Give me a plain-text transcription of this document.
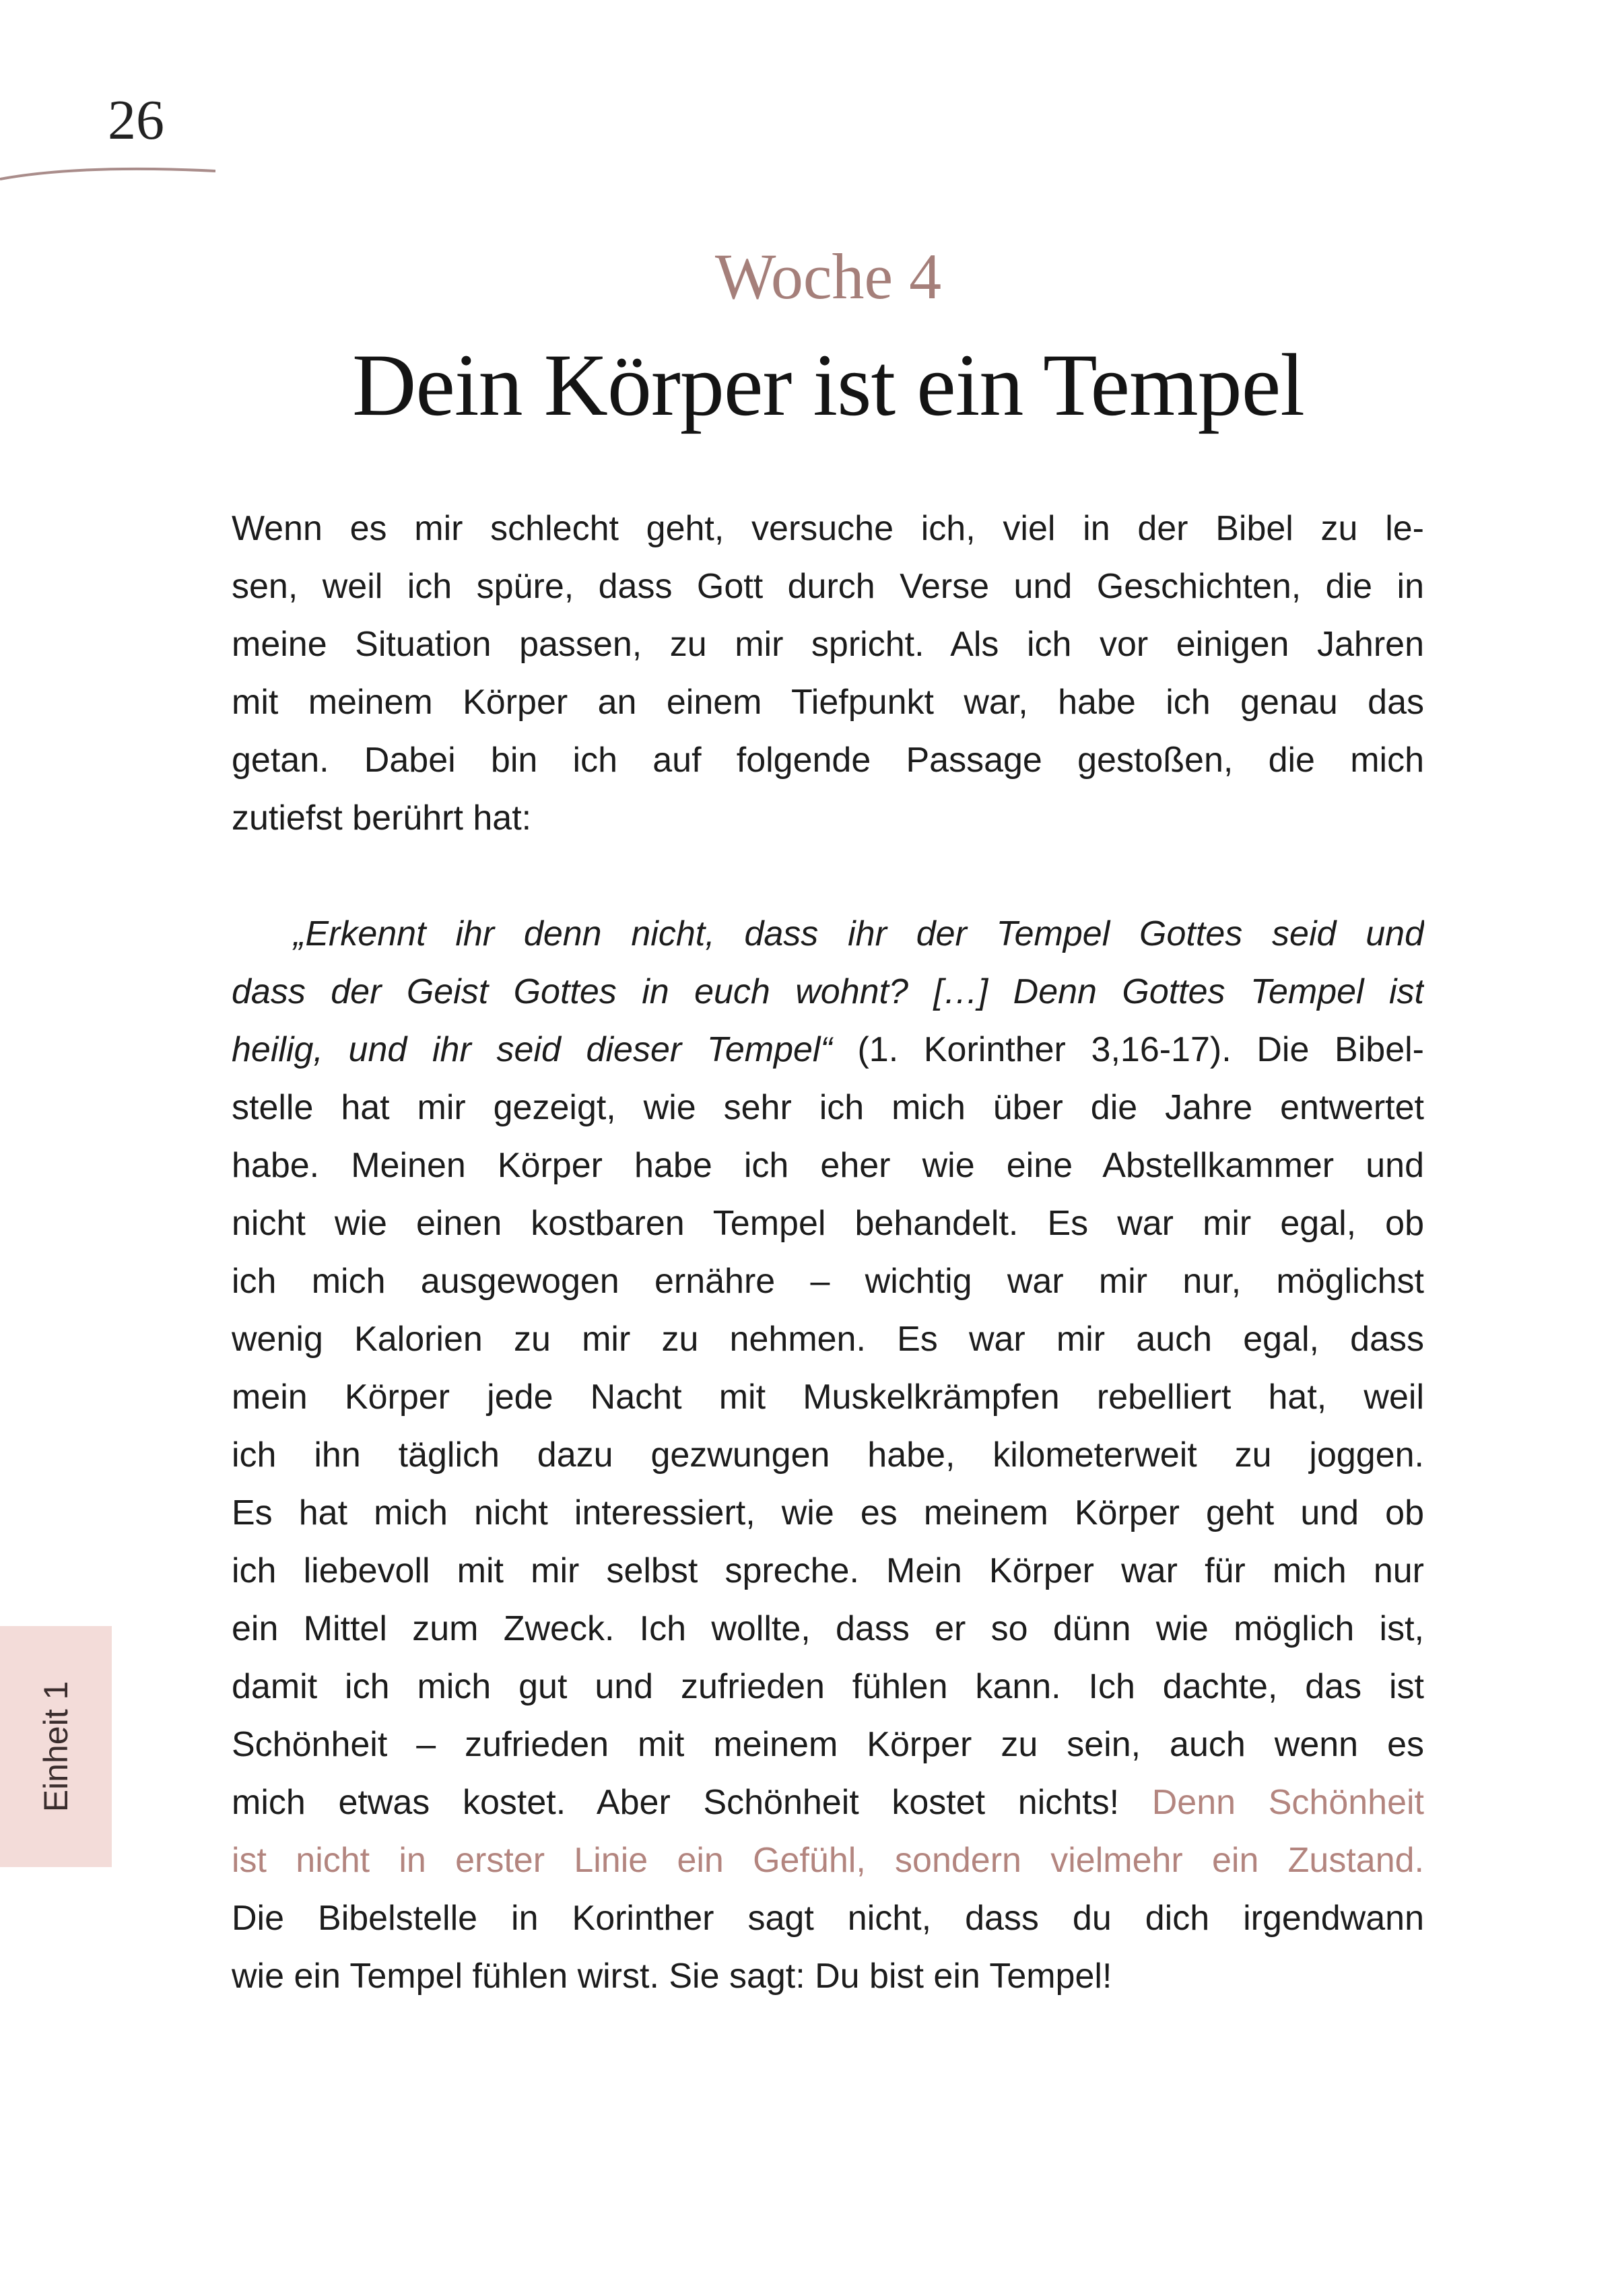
26
Woche 4
Dein Körper ist ein Tempel
Wenn es mir schlecht geht, versuche ich, viel in der Bibel zu le-
sen, weil ich spüre, dass Gott durch Verse und Geschichten, die in
meine Situation passen, zu mir spricht. Als ich vor einigen Jahren
mit meinem Körper an einem Tiefpunkt war, habe ich genau das
getan. Dabei bin ich auf folgende Passage gestoßen, die mich
zutiefst berührt hat:
„Erkennt ihr denn nicht, dass ihr der Tempel Gottes seid und
dass der Geist Gottes in euch wohnt? […] Denn Gottes Tempel ist
heilig, und ihr seid dieser Tempel“ (1. Korinther 3,16-17). Die Bibel-
stelle hat mir gezeigt, wie sehr ich mich über die Jahre entwertet
habe. Meinen Körper habe ich eher wie eine Abstellkammer und
nicht wie einen kostbaren Tempel behandelt. Es war mir egal, ob
ich mich ausgewogen ernähre – wichtig war mir nur, möglichst
wenig Kalorien zu mir zu nehmen. Es war mir auch egal, dass
mein Körper jede Nacht mit Muskelkrämpfen rebelliert hat, weil
ich ihn täglich dazu gezwungen habe, kilometerweit zu joggen.
Es hat mich nicht interessiert, wie es meinem Körper geht und ob
ich liebevoll mit mir selbst spreche. Mein Körper war für mich nur
ein Mittel zum Zweck. Ich wollte, dass er so dünn wie möglich ist,
damit ich mich gut und zufrieden fühlen kann. Ich dachte, das ist
Schönheit – zufrieden mit meinem Körper zu sein, auch wenn es
mich etwas kostet. Aber Schönheit kostet nichts! Denn Schönheit
ist nicht in erster Linie ein Gefühl, sondern vielmehr ein Zustand.
Die Bibelstelle in Korinther sagt nicht, dass du dich irgendwann
wie ein Tempel fühlen wirst. Sie sagt: Du bist ein Tempel!
Einheit 1
